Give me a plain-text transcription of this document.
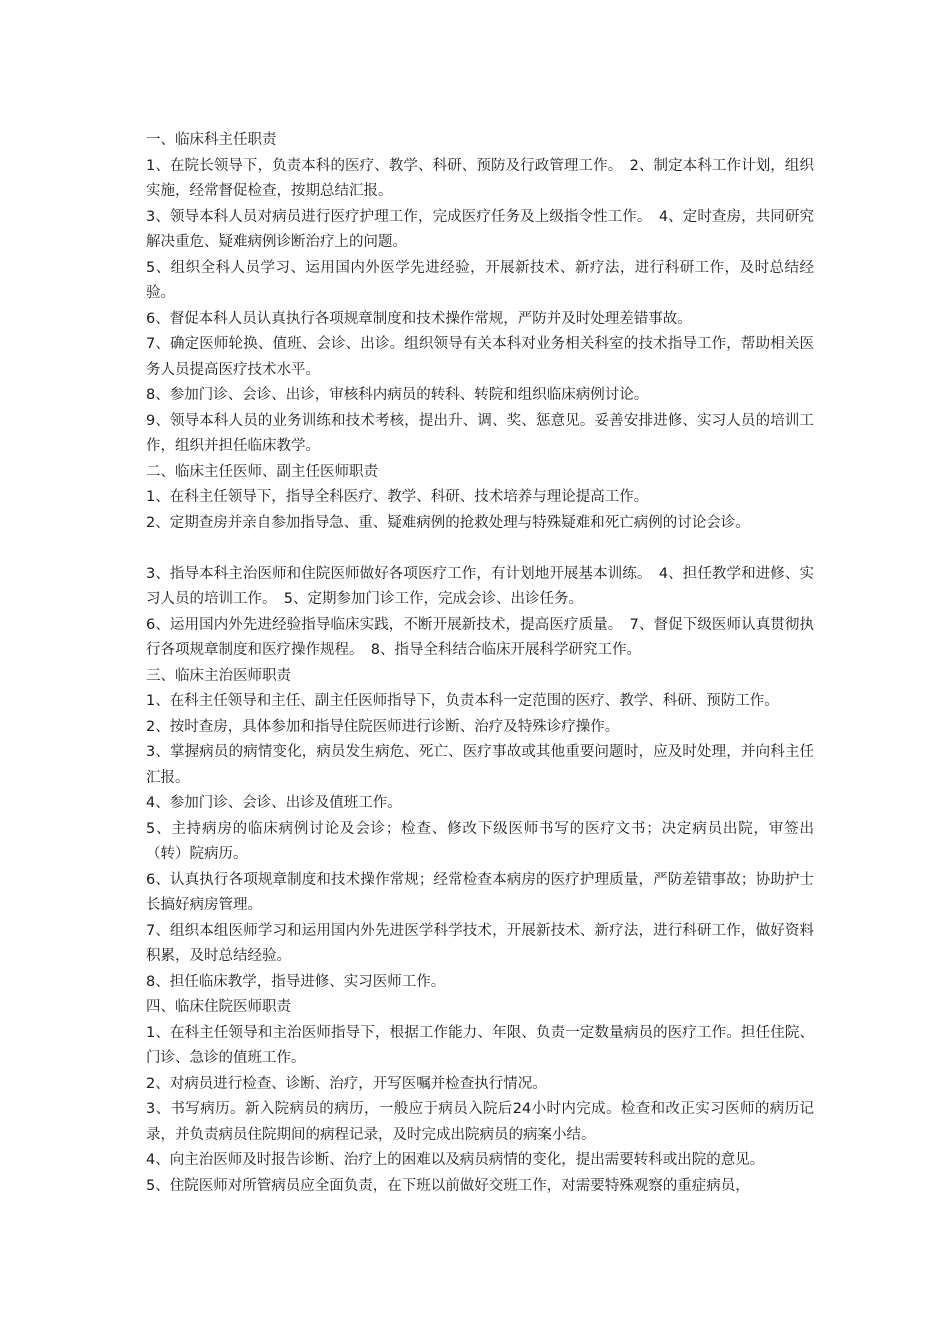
一、临床科主任职责

1、在院长领导下，负责本科的医疗、教学、科研、预防及行政管理工作。　2、制定本科工作计划，组织实施，经常督促检查，按期总结汇报。

3、领导本科人员对病员进行医疗护理工作，完成医疗任务及上级指令性工作。　4、定时查房，共同研究解决重危、疑难病例诊断治疗上的问题。

5、组织全科人员学习、运用国内外医学先进经验，开展新技术、新疗法，进行科研工作，及时总结经验。

6、督促本科人员认真执行各项规章制度和技术操作常规，严防并及时处理差错事故。

7、确定医师轮换、值班、会诊、出诊。组织领导有关本科对业务相关科室的技术指导工作，帮助相关医务人员提高医疗技术水平。

8、参加门诊、会诊、出诊，审核科内病员的转科、转院和组织临床病例讨论。

9、领导本科人员的业务训练和技术考核，提出升、调、奖、惩意见。妥善安排进修、实习人员的培训工作，组织并担任临床教学。

二、临床主任医师、副主任医师职责

1、在科主任领导下，指导全科医疗、教学、科研、技术培养与理论提高工作。

2、定期查房并亲自参加指导急、重、疑难病例的抢救处理与特殊疑难和死亡病例的讨论会诊。

3、指导本科主治医师和住院医师做好各项医疗工作，有计划地开展基本训练。　4、担任教学和进修、实习人员的培训工作。　5、定期参加门诊工作，完成会诊、出诊任务。

6、运用国内外先进经验指导临床实践，不断开展新技术，提高医疗质量。　7、督促下级医师认真贯彻执行各项规章制度和医疗操作规程。　8、指导全科结合临床开展科学研究工作。

三、临床主治医师职责

1、在科主任领导和主任、副主任医师指导下，负责本科一定范围的医疗、教学、科研、预防工作。

2、按时查房，具体参加和指导住院医师进行诊断、治疗及特殊诊疗操作。

3、掌握病员的病情变化，病员发生病危、死亡、医疗事故或其他重要问题时，应及时处理，并向科主任汇报。

4、参加门诊、会诊、出诊及值班工作。

5、主持病房的临床病例讨论及会诊；检查、修改下级医师书写的医疗文书；决定病员出院，审签出（转）院病历。

6、认真执行各项规章制度和技术操作常规；经常检查本病房的医疗护理质量，严防差错事故；协助护士长搞好病房管理。

7、组织本组医师学习和运用国内外先进医学科学技术，开展新技术、新疗法，进行科研工作，做好资料积累，及时总结经验。

8、担任临床教学，指导进修、实习医师工作。

四、临床住院医师职责

1、在科主任领导和主治医师指导下，根据工作能力、年限、负责一定数量病员的医疗工作。担任住院、门诊、急诊的值班工作。

2、对病员进行检查、诊断、治疗，开写医嘱并检查执行情况。

3、书写病历。新入院病员的病历，一般应于病员入院后24小时内完成。检查和改正实习医师的病历记录，并负责病员住院期间的病程记录，及时完成出院病员的病案小结。

4、向主治医师及时报告诊断、治疗上的困难以及病员病情的变化，提出需要转科或出院的意见。

5、住院医师对所管病员应全面负责，在下班以前做好交班工作，对需要特殊观察的重症病员，
